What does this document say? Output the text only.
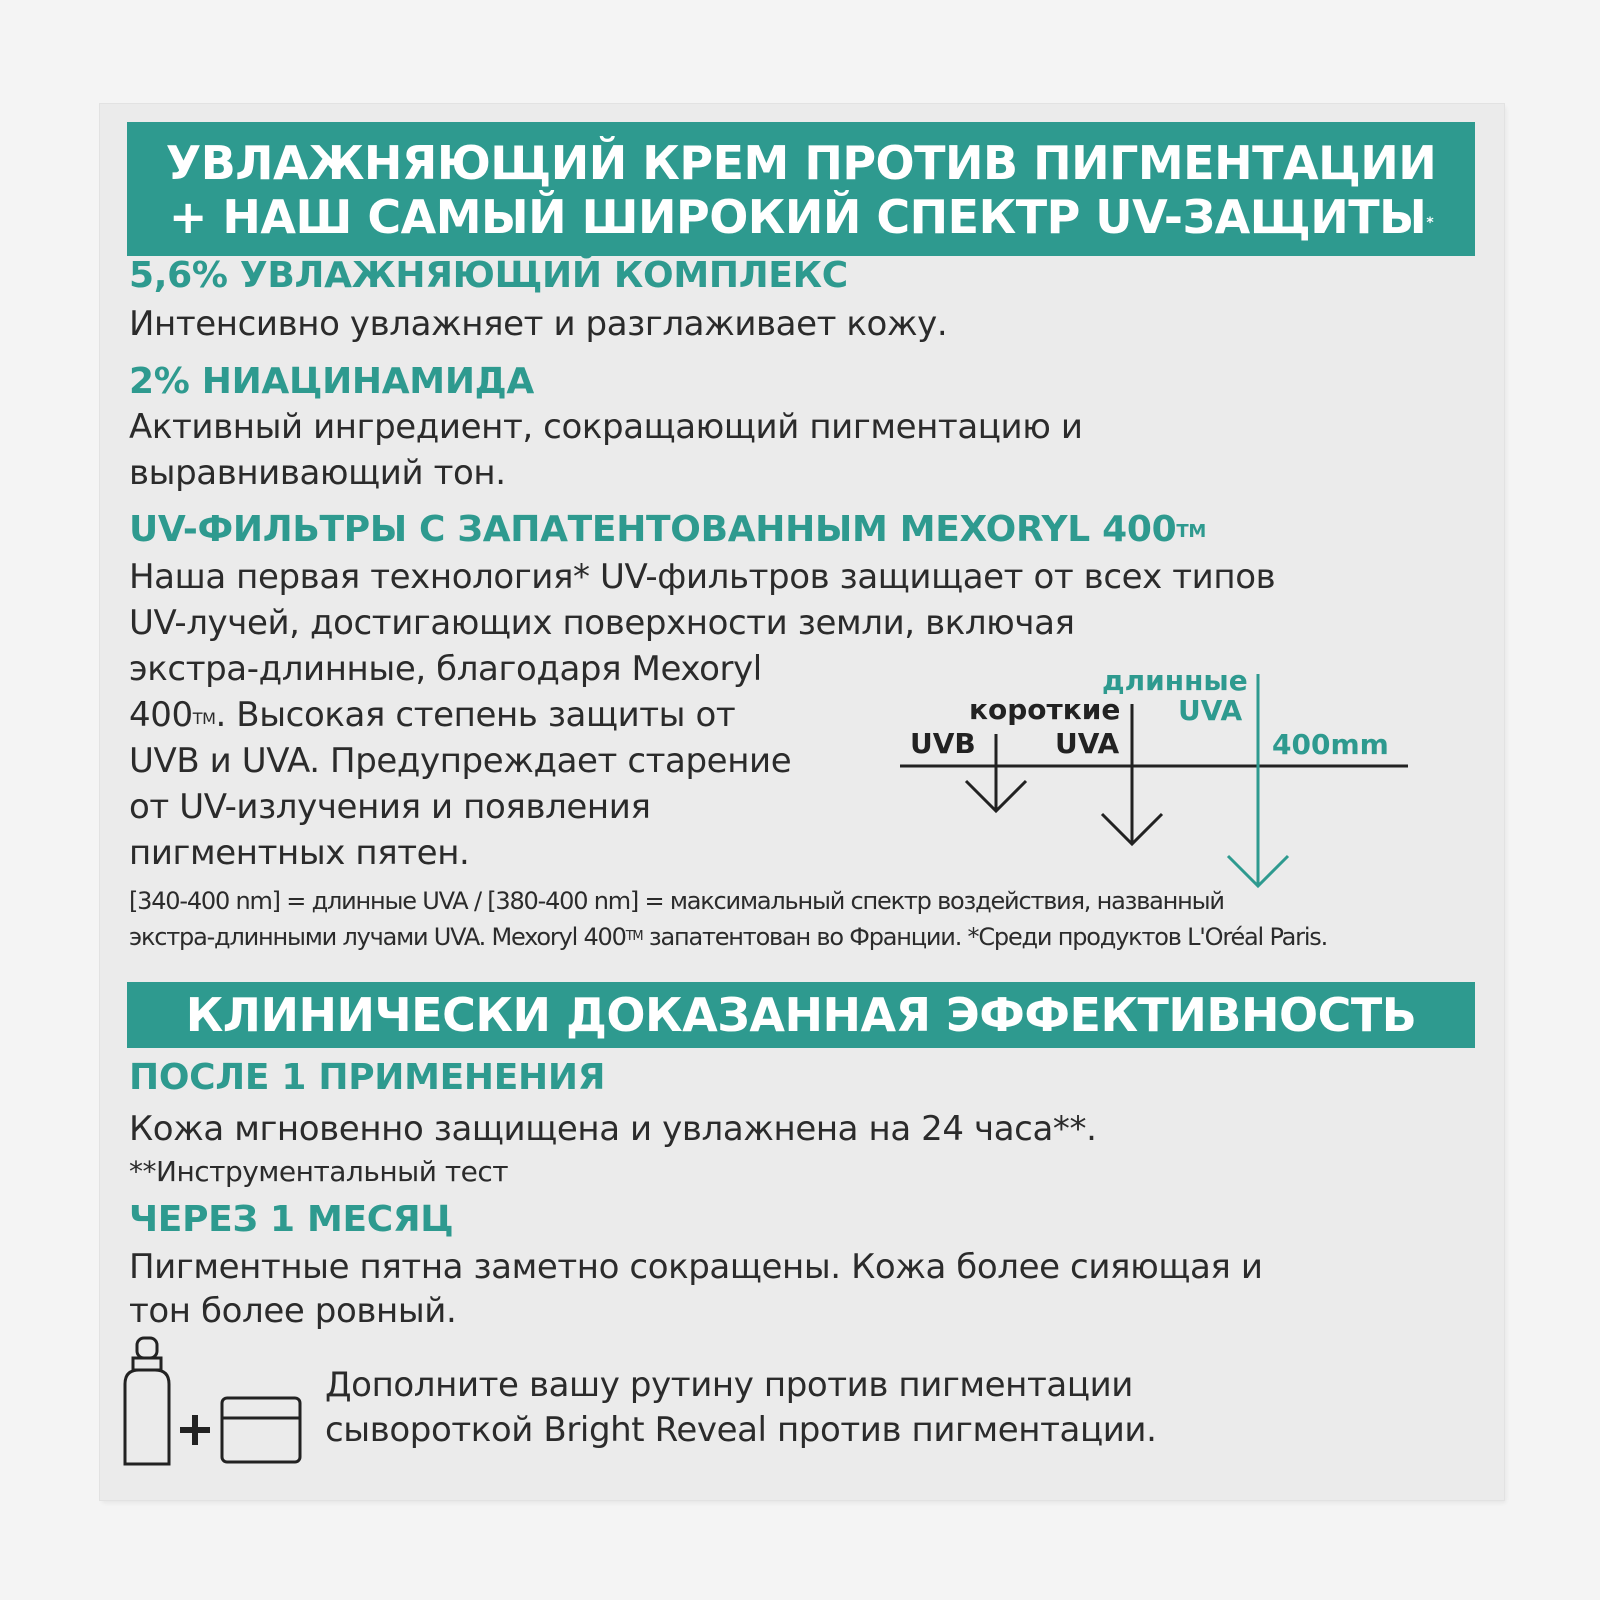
УВЛАЖНЯЮЩИЙ КРЕМ ПРОТИВ ПИГМЕНТАЦИИ
+ НАШ САМЫЙ ШИРОКИЙ СПЕКТР UV-ЗАЩИТЫ*
5,6% УВЛАЖНЯЮЩИЙ КОМПЛЕКС
Интенсивно увлажняет и разглаживает кожу.
2% НИАЦИНАМИДА
Активный ингредиент, сокращающий пигментацию и
выравнивающий тон.
UV-ФИЛЬТРЫ С ЗАПАТЕНТОВАННЫМ MEXORYL 400™
Наша первая технология* UV-фильтров защищает от всех типов
UV-лучей, достигающих поверхности земли, включая
экстра-длинные, благодаря Mexoryl
400™. Высокая степень защиты от
UVB и UVA. Предупреждает старение
от UV-излучения и появления
пигментных пятен.
UVB
короткие
UVA
длинные
UVA
400mm
[340-400 nm] = длинные UVA / [380-400 nm] = максимальный спектр воздействия, названный
экстра-длинными лучами UVA. Mexoryl 400™ запатентован во Франции. *Среди продуктов L'Oréal Paris.
КЛИНИЧЕСКИ ДОКАЗАННАЯ ЭФФЕКТИВНОСТЬ
ПОСЛЕ 1 ПРИМЕНЕНИЯ
Кожа мгновенно защищена и увлажнена на 24 часа**.
**Инструментальный тест
ЧЕРЕЗ 1 МЕСЯЦ
Пигментные пятна заметно сокращены. Кожа более сияющая и
тон более ровный.
Дополните вашу рутину против пигментации
сывороткой Bright Reveal против пигментации.
